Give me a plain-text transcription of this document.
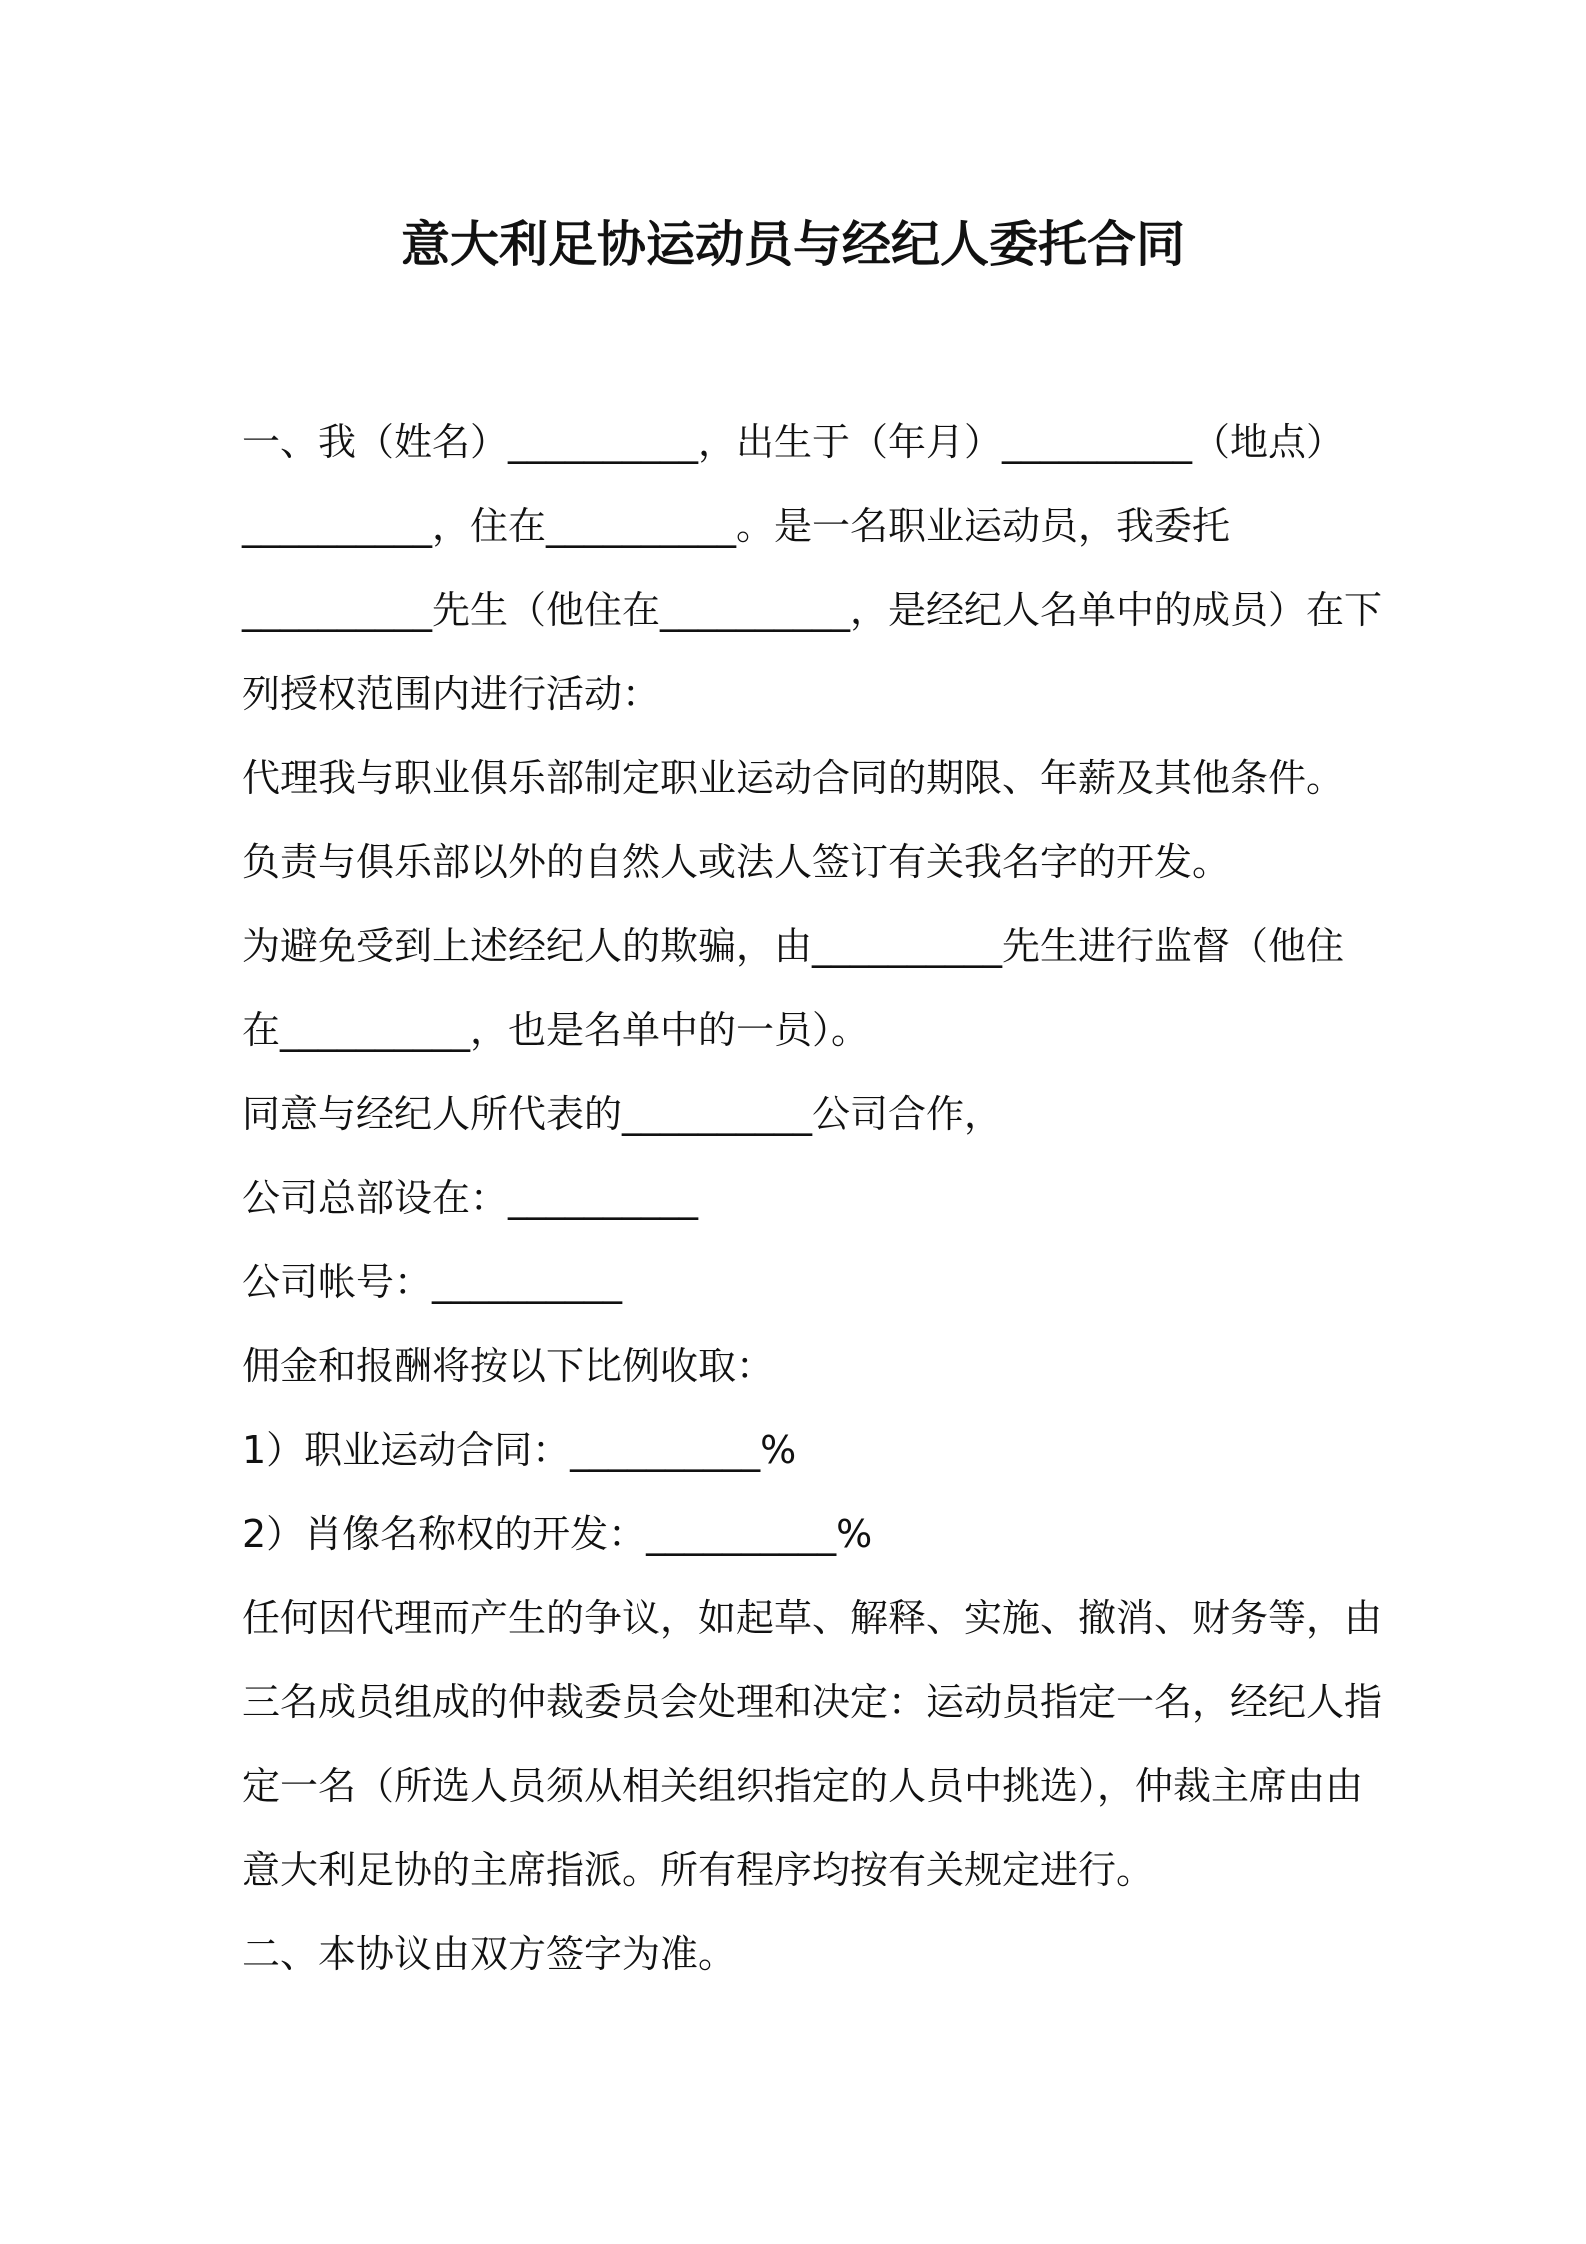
意大利足协运动员与经纪人委托合同
一、我（姓名）__________，出生于（年月）__________（地点）
__________，住在__________。是一名职业运动员，我委托
__________先生（他住在__________，是经纪人名单中的成员）在下
列授权范围内进行活动：
代理我与职业俱乐部制定职业运动合同的期限、年薪及其他条件。
负责与俱乐部以外的自然人或法人签订有关我名字的开发。
为避免受到上述经纪人的欺骗，由__________先生进行监督（他住
在__________，也是名单中的一员）。
同意与经纪人所代表的__________公司合作，
公司总部设在：__________
公司帐号：__________
佣金和报酬将按以下比例收取：
1）职业运动合同：__________%
2）肖像名称权的开发：__________%
任何因代理而产生的争议，如起草、解释、实施、撤消、财务等，由
三名成员组成的仲裁委员会处理和决定：运动员指定一名，经纪人指
定一名（所选人员须从相关组织指定的人员中挑选），仲裁主席由由
意大利足协的主席指派。所有程序均按有关规定进行。
二、本协议由双方签字为准。
